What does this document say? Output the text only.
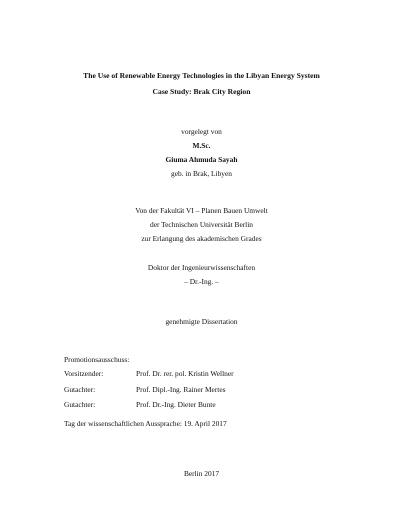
The Use of Renewable Energy Technologies in the Libyan Energy System
Case Study: Brak City Region
vorgelegt von
M.Sc.
Giuma Ahmuda Sayah
geb. in Brak, Libyen
Von der Fakultät VI – Planen Bauen Umwelt
der Technischen Universität Berlin
zur Erlangung des akademischen Grades
Doktor der Ingenieurwissenschaften
– Dr.-Ing. –
genehmigte Dissertation
Promotionsausschuss:
Vorsitzender:	Prof. Dr. rer. pol. Kristin Wellner
Gutachter:	Prof. Dipl.-Ing. Rainer Mertes
Gutachter:	Prof. Dr.-Ing. Dieter Bunte
Tag der wissenschaftlichen Aussprache: 19. April 2017
Berlin 2017
